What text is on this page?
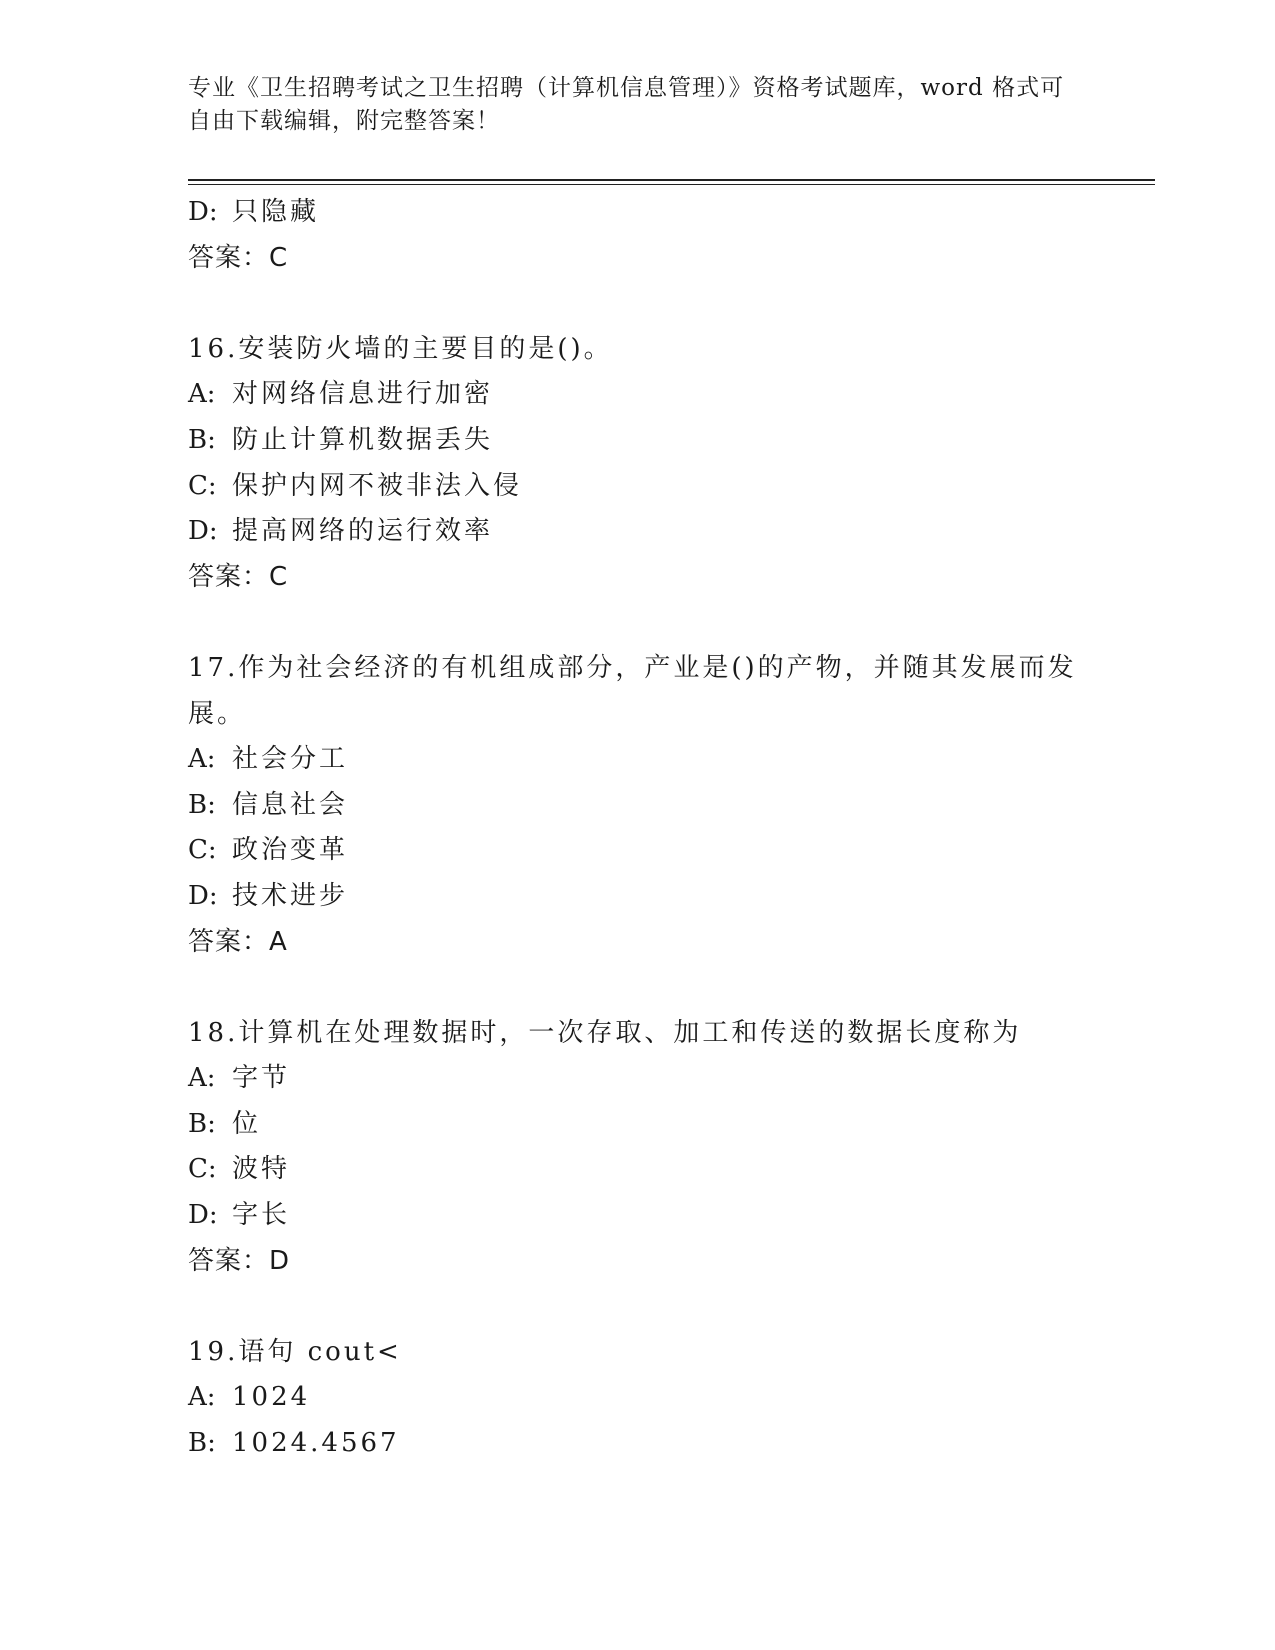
专业《卫生招聘考试之卫生招聘（计算机信息管理）》资格考试题库，word 格式可自由下载编辑，附完整答案！
D: 只隐藏
答案：C
16.安装防火墙的主要目的是()。
A: 对网络信息进行加密
B: 防止计算机数据丢失
C: 保护内网不被非法入侵
D: 提高网络的运行效率
答案：C
17.作为社会经济的有机组成部分，产业是()的产物，并随其发展而发展。
A: 社会分工
B: 信息社会
C: 政治变革
D: 技术进步
答案：A
18.计算机在处理数据时，一次存取、加工和传送的数据长度称为
A: 字节
B: 位
C: 波特
D: 字长
答案：D
19.语句 cout<
A: 1024
B: 1024.4567
